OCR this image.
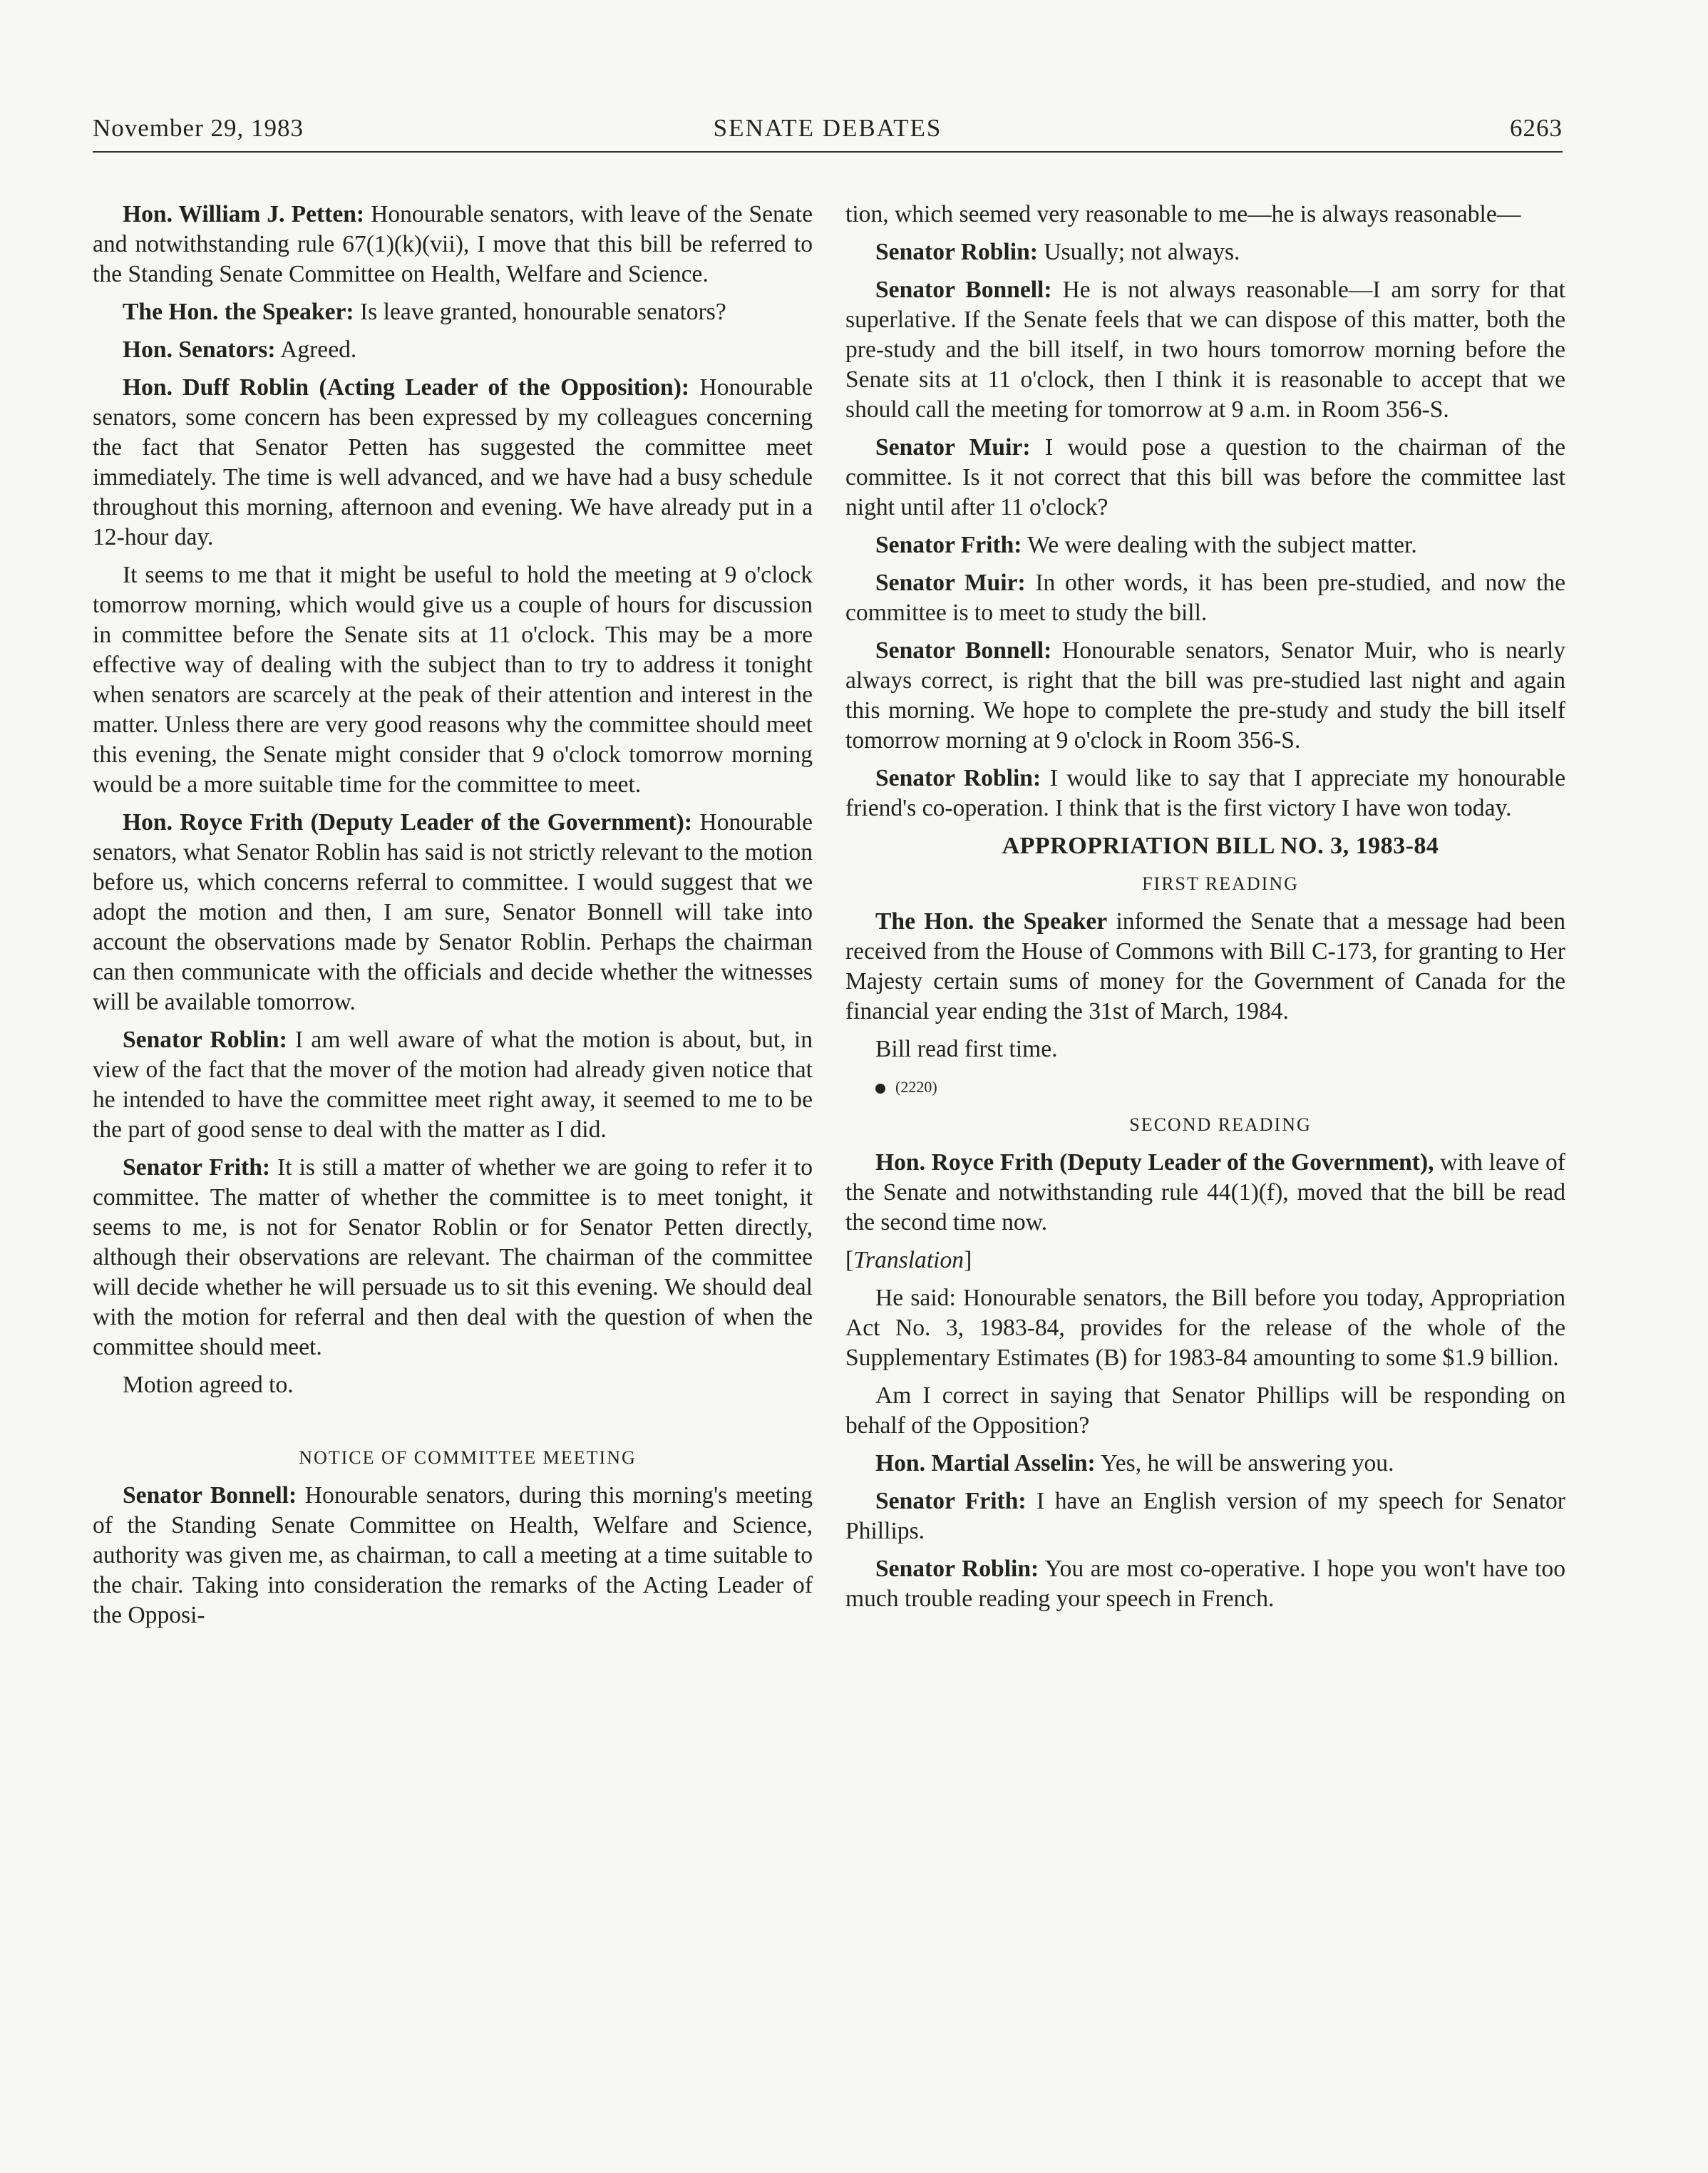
November 29, 1983	SENATE DEBATES	6263

Hon. William J. Petten: Honourable senators, with leave of the Senate and notwithstanding rule 67(1)(k)(vii), I move that this bill be referred to the Standing Senate Committee on Health, Welfare and Science.

The Hon. the Speaker: Is leave granted, honourable senators?

Hon. Senators: Agreed.

Hon. Duff Roblin (Acting Leader of the Opposition): Honourable senators, some concern has been expressed by my colleagues concerning the fact that Senator Petten has suggested the committee meet immediately. The time is well advanced, and we have had a busy schedule throughout this morning, afternoon and evening. We have already put in a 12-hour day.

It seems to me that it might be useful to hold the meeting at 9 o'clock tomorrow morning, which would give us a couple of hours for discussion in committee before the Senate sits at 11 o'clock. This may be a more effective way of dealing with the subject than to try to address it tonight when senators are scarcely at the peak of their attention and interest in the matter. Unless there are very good reasons why the committee should meet this evening, the Senate might consider that 9 o'clock tomorrow morning would be a more suitable time for the committee to meet.

Hon. Royce Frith (Deputy Leader of the Government): Honourable senators, what Senator Roblin has said is not strictly relevant to the motion before us, which concerns referral to committee. I would suggest that we adopt the motion and then, I am sure, Senator Bonnell will take into account the observations made by Senator Roblin. Perhaps the chairman can then communicate with the officials and decide whether the witnesses will be available tomorrow.

Senator Roblin: I am well aware of what the motion is about, but, in view of the fact that the mover of the motion had already given notice that he intended to have the committee meet right away, it seemed to me to be the part of good sense to deal with the matter as I did.

Senator Frith: It is still a matter of whether we are going to refer it to committee. The matter of whether the committee is to meet tonight, it seems to me, is not for Senator Roblin or for Senator Petten directly, although their observations are relevant. The chairman of the committee will decide whether he will persuade us to sit this evening. We should deal with the motion for referral and then deal with the question of when the committee should meet.

Motion agreed to.

NOTICE OF COMMITTEE MEETING

Senator Bonnell: Honourable senators, during this morning's meeting of the Standing Senate Committee on Health, Welfare and Science, authority was given me, as chairman, to call a meeting at a time suitable to the chair. Taking into consideration the remarks of the Acting Leader of the Opposi-

tion, which seemed very reasonable to me—he is always reasonable—

Senator Roblin: Usually; not always.

Senator Bonnell: He is not always reasonable—I am sorry for that superlative. If the Senate feels that we can dispose of this matter, both the pre-study and the bill itself, in two hours tomorrow morning before the Senate sits at 11 o'clock, then I think it is reasonable to accept that we should call the meeting for tomorrow at 9 a.m. in Room 356-S.

Senator Muir: I would pose a question to the chairman of the committee. Is it not correct that this bill was before the committee last night until after 11 o'clock?

Senator Frith: We were dealing with the subject matter.

Senator Muir: In other words, it has been pre-studied, and now the committee is to meet to study the bill.

Senator Bonnell: Honourable senators, Senator Muir, who is nearly always correct, is right that the bill was pre-studied last night and again this morning. We hope to complete the pre-study and study the bill itself tomorrow morning at 9 o'clock in Room 356-S.

Senator Roblin: I would like to say that I appreciate my honourable friend's co-operation. I think that is the first victory I have won today.

APPROPRIATION BILL NO. 3, 1983-84

FIRST READING

The Hon. the Speaker informed the Senate that a message had been received from the House of Commons with Bill C-173, for granting to Her Majesty certain sums of money for the Government of Canada for the financial year ending the 31st of March, 1984.

Bill read first time.

(2220)

SECOND READING

Hon. Royce Frith (Deputy Leader of the Government), with leave of the Senate and notwithstanding rule 44(1)(f), moved that the bill be read the second time now.

[Translation]

He said: Honourable senators, the Bill before you today, Appropriation Act No. 3, 1983-84, provides for the release of the whole of the Supplementary Estimates (B) for 1983-84 amounting to some $1.9 billion.

Am I correct in saying that Senator Phillips will be responding on behalf of the Opposition?

Hon. Martial Asselin: Yes, he will be answering you.

Senator Frith: I have an English version of my speech for Senator Phillips.

Senator Roblin: You are most co-operative. I hope you won't have too much trouble reading your speech in French.
